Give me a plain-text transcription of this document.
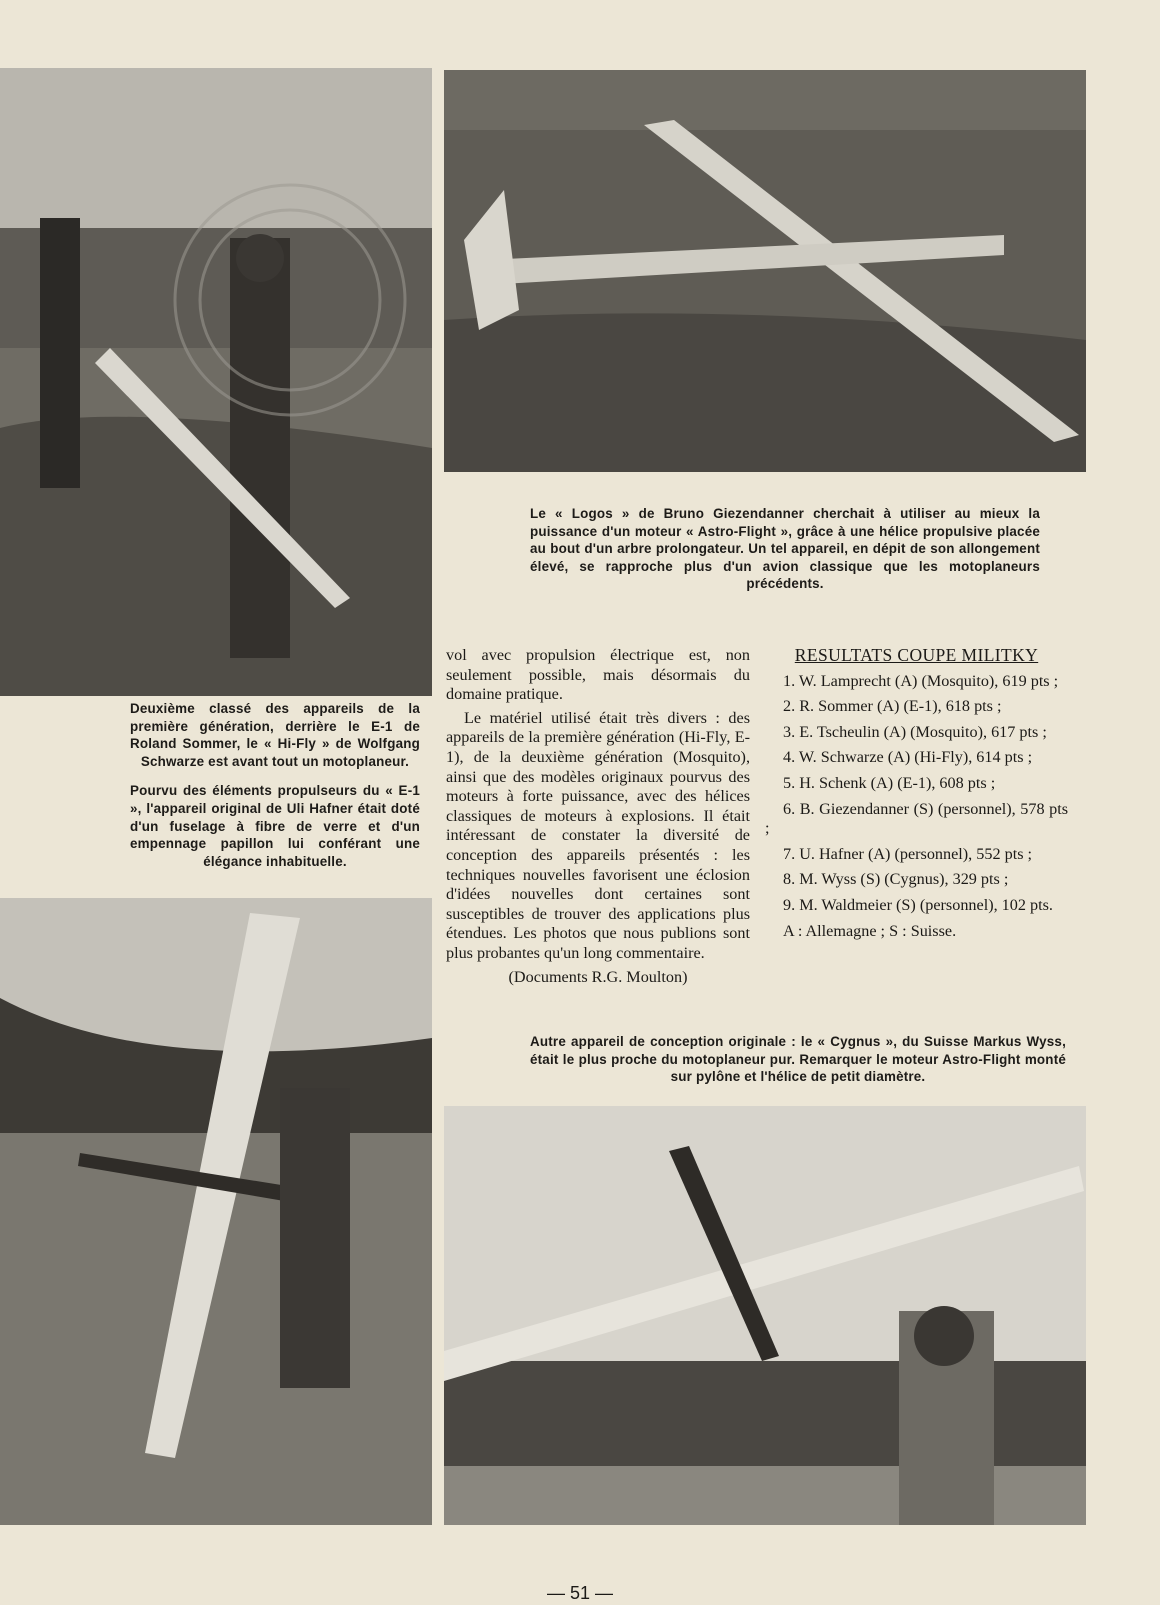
Le « Logos » de Bruno Giezendanner cherchait à utiliser au mieux la puissance d'un moteur « Astro-Flight », grâce à une hélice propulsive placée au bout d'un arbre prolongateur. Un tel appareil, en dépit de son allongement élevé, se rapproche plus d'un avion classique que les motoplaneurs précédents.

Deuxième classé des appareils de la première génération, derrière le E-1 de Roland Sommer, le « Hi-Fly » de Wolfgang Schwarze est avant tout un motoplaneur.

Pourvu des éléments propulseurs du « E-1 », l'appareil original de Uli Hafner était doté d'un fuselage à fibre de verre et d'un empennage papillon lui conférant une élégance inhabituelle.

vol avec propulsion électrique est, non seulement possible, mais désormais du domaine pratique.

Le matériel utilisé était très divers : des appareils de la première génération (Hi-Fly, E-1), de la deuxième génération (Mosquito), ainsi que des modèles originaux pourvus des moteurs à forte puissance, avec des hélices classiques de moteurs à explosions. Il était intéressant de constater la diversité de conception des appareils présentés : les techniques nouvelles favorisent une éclosion d'idées nouvelles dont certaines sont susceptibles de trouver des applications plus étendues. Les photos que nous publions sont plus probantes qu'un long commentaire.

(Documents R.G. Moulton)

RESULTATS COUPE MILITKY
1. W. Lamprecht (A) (Mosquito), 619 pts ;
2. R. Sommer (A) (E-1), 618 pts ;
3. E. Tscheulin (A) (Mosquito), 617 pts ;
4. W. Schwarze (A) (Hi-Fly), 614 pts ;
5. H. Schenk (A) (E-1), 608 pts ;
6. B. Giezendanner (S) (personnel), 578 pts ;
7. U. Hafner (A) (personnel), 552 pts ;
8. M. Wyss (S) (Cygnus), 329 pts ;
9. M. Waldmeier (S) (personnel), 102 pts.
A : Allemagne ; S : Suisse.

Autre appareil de conception originale : le « Cygnus », du Suisse Markus Wyss, était le plus proche du motoplaneur pur. Remarquer le moteur Astro-Flight monté sur pylône et l'hélice de petit diamètre.

— 51 —
